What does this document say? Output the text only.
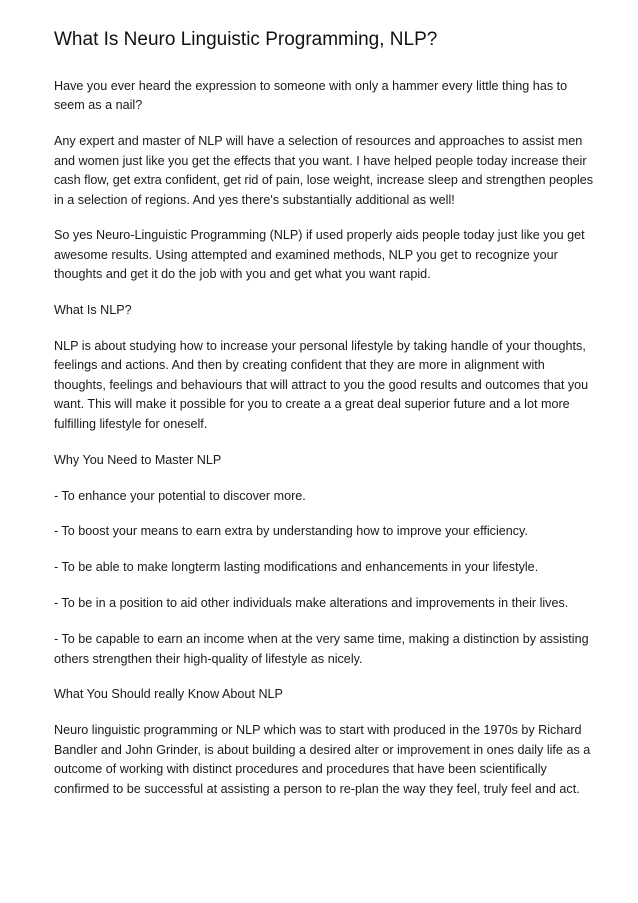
What Is Neuro Linguistic Programming, NLP?

Have you ever heard the expression to someone with only a hammer every little thing has to seem as a nail?

Any expert and master of NLP will have a selection of resources and approaches to assist men and women just like you get the effects that you want. I have helped people today increase their cash flow, get extra confident, get rid of pain, lose weight, increase sleep and strengthen peoples in a selection of regions. And yes there's substantially additional as well!

So yes Neuro-Linguistic Programming (NLP) if used properly aids people today just like you get awesome results. Using attempted and examined methods, NLP you get to recognize your thoughts and get it do the job with you and get what you want rapid.

What Is NLP?

NLP is about studying how to increase your personal lifestyle by taking handle of your thoughts, feelings and actions. And then by creating confident that they are more in alignment with thoughts, feelings and behaviours that will attract to you the good results and outcomes that you want. This will make it possible for you to create a a great deal superior future and a lot more fulfilling lifestyle for oneself.

Why You Need to Master NLP

- To enhance your potential to discover more.

- To boost your means to earn extra by understanding how to improve your efficiency.

- To be able to make longterm lasting modifications and enhancements in your lifestyle.

- To be in a position to aid other individuals make alterations and improvements in their lives.

- To be capable to earn an income when at the very same time, making a distinction by assisting others strengthen their high-quality of lifestyle as nicely.

What You Should really Know About NLP

Neuro linguistic programming or NLP which was to start with produced in the 1970s by Richard Bandler and John Grinder, is about building a desired alter or improvement in ones daily life as a outcome of working with distinct procedures and procedures that have been scientifically confirmed to be successful at assisting a person to re-plan the way they feel, truly feel and act.
